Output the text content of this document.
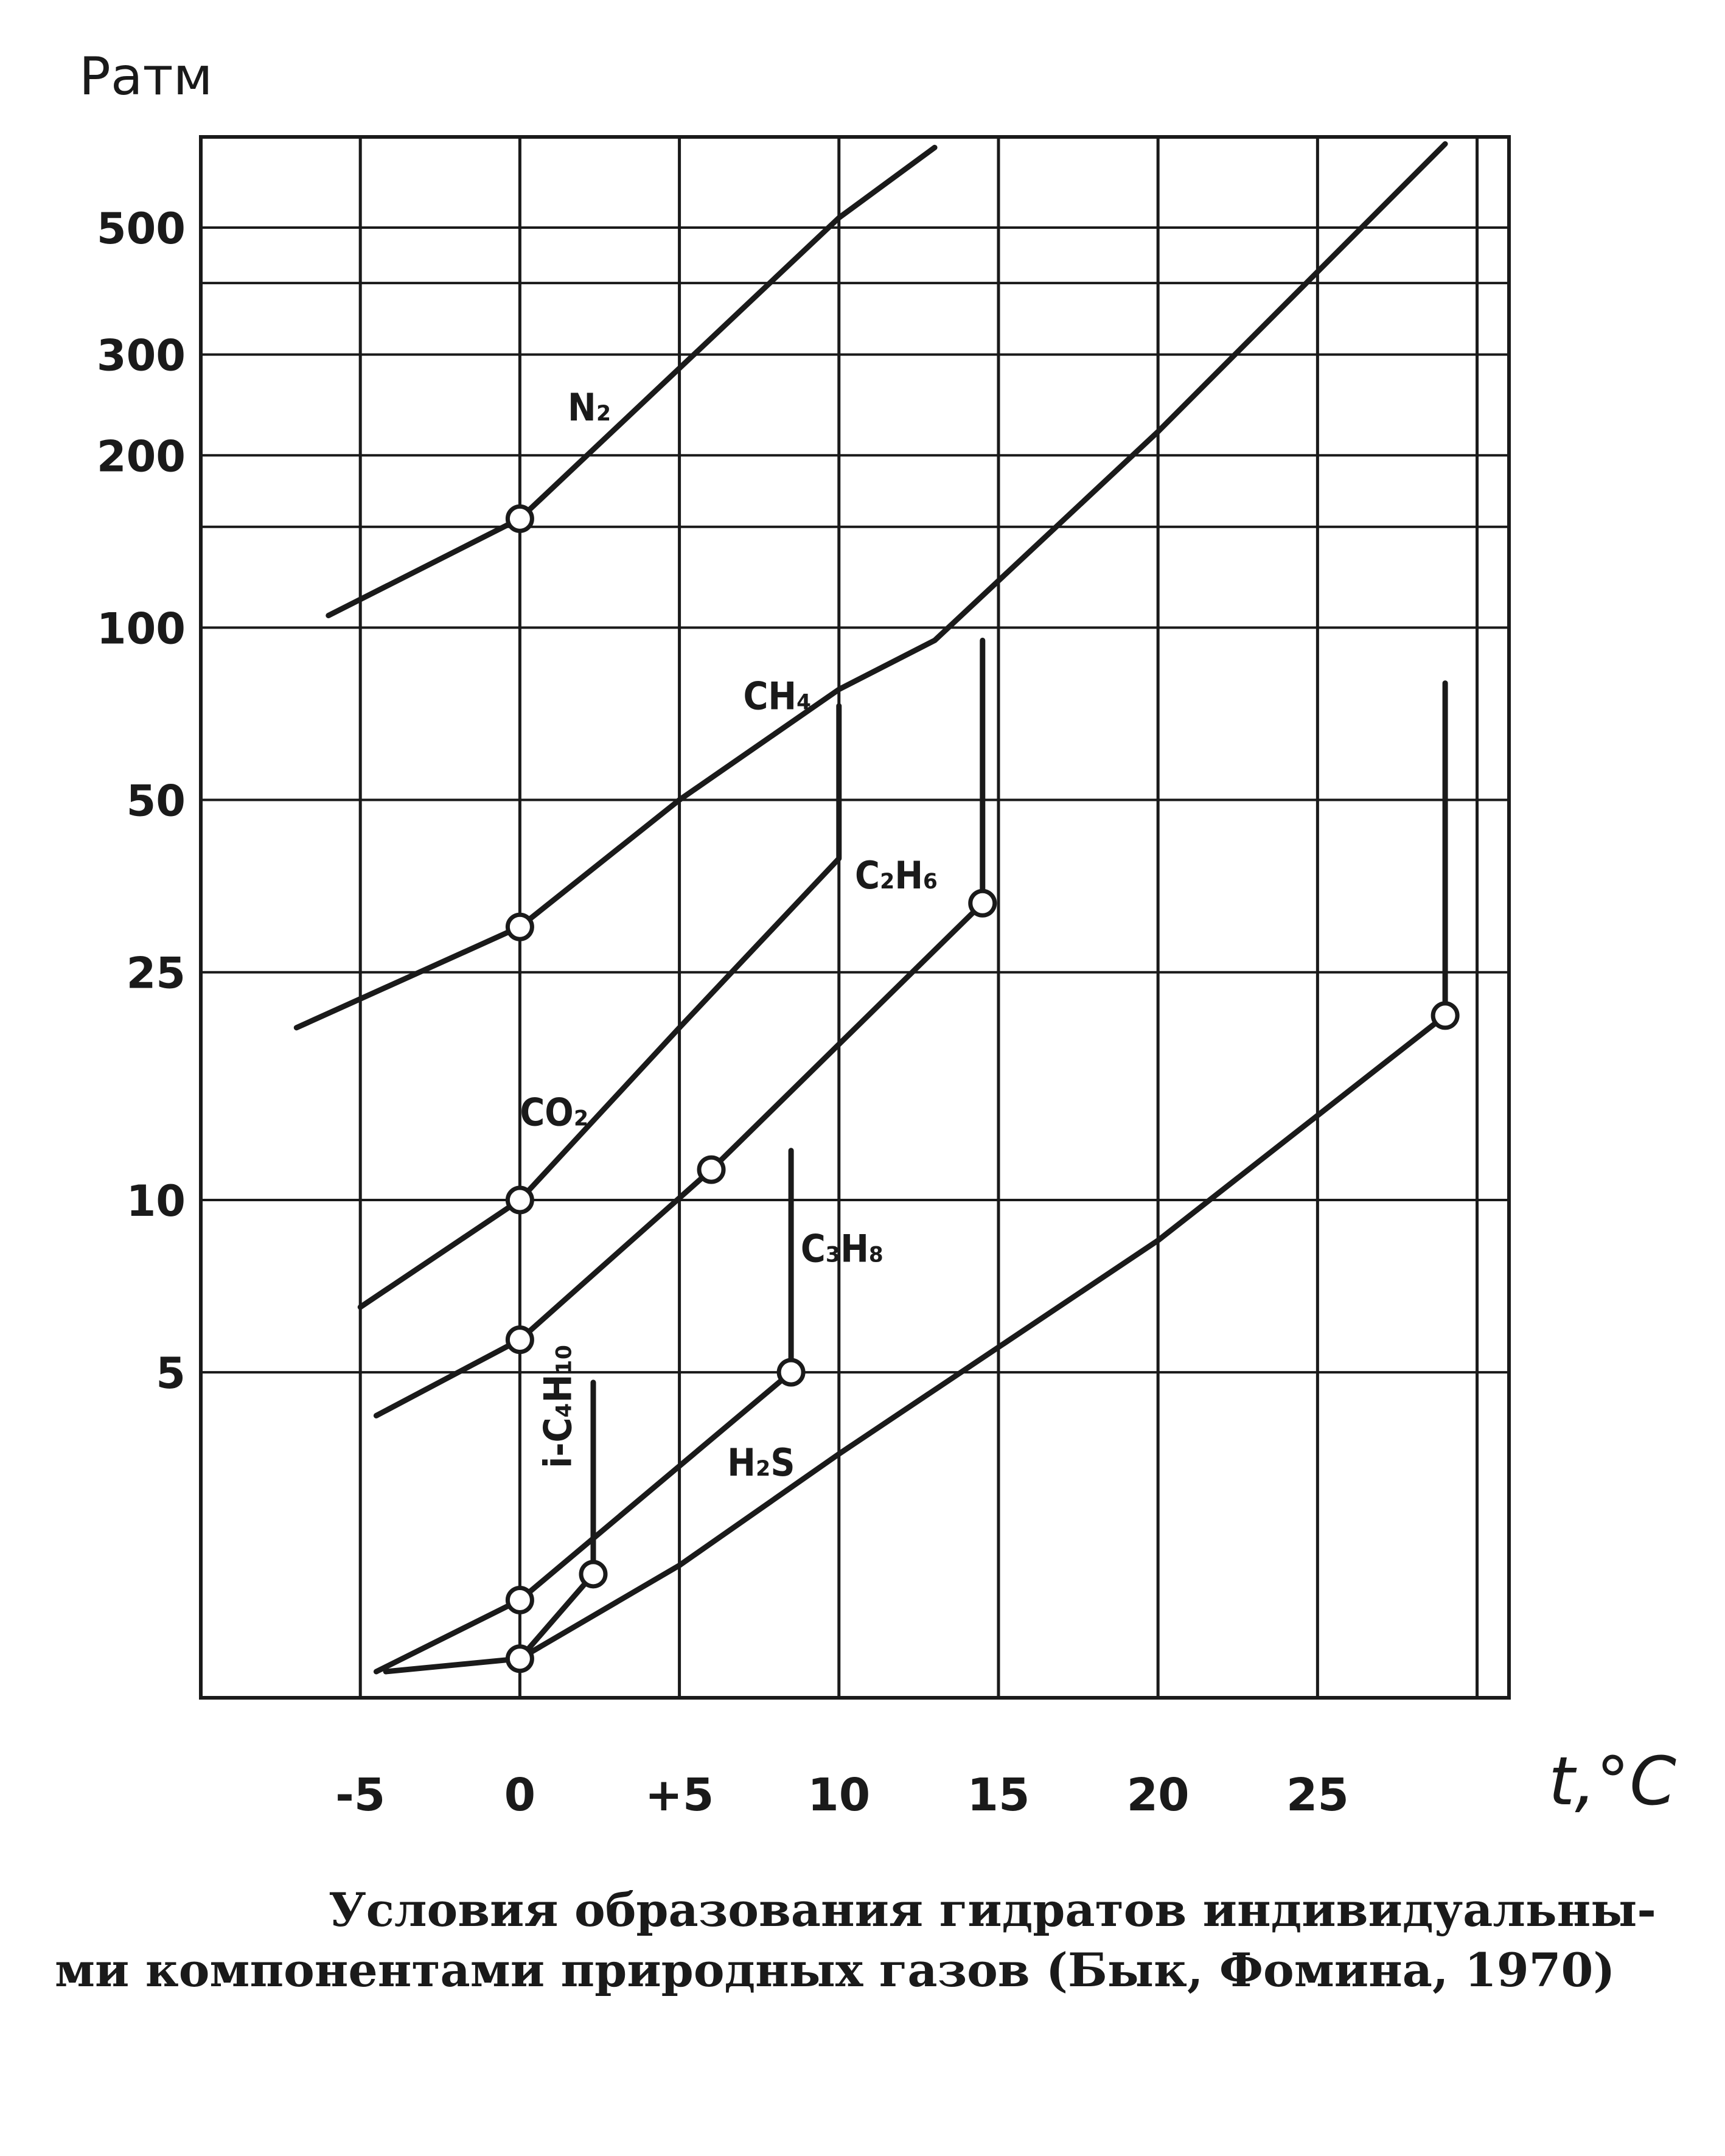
-5	0 +5 10 15 20 25
500
300
200
100
50
25
10
5
N₂
CH₄
CO₂
C₂H₆
C₃H₈
i-C₄H₁₀	H₂S
Ратм
t,°C
Условия образования гидратов индивидуальны-
ми компонентами природных газов (Бык, Фомина, 1970)
